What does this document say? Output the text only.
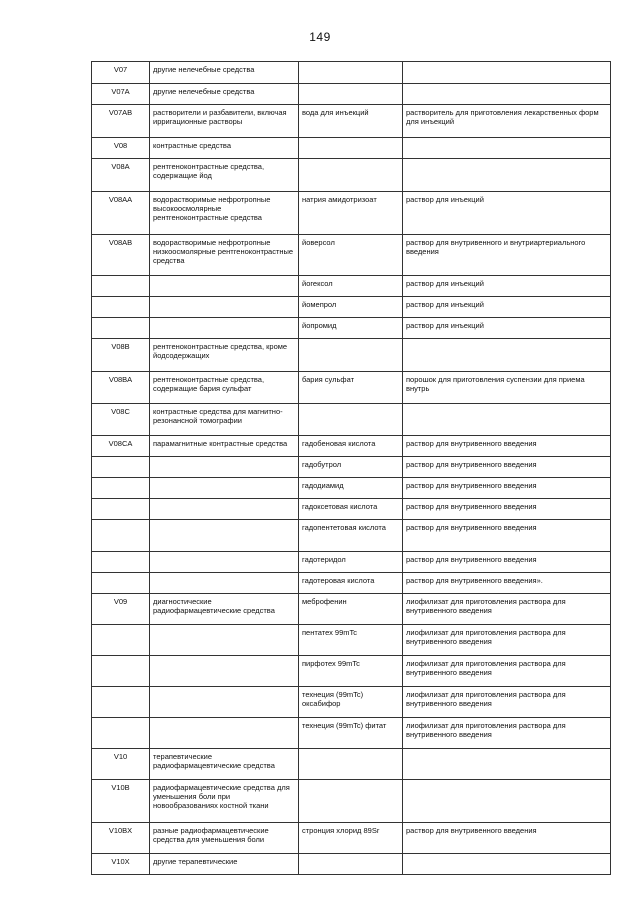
149
V07	другие нелечебные средства		
V07A	другие нелечебные средства		
V07AB	растворители и разбавители, включая ирригационные растворы	вода для инъекций	растворитель для приготовления лекарственных форм для инъекций
V08	контрастные средства		
V08A	рентгеноконтрастные средства, содержащие йод		
V08AA	водорастворимые нефротропные высокоосмолярные рентгеноконтрастные средства	натрия амидотризоат	раствор для инъекций
V08AB	водорастворимые нефротропные низкоосмолярные рентгеноконтрастные средства	йоверсол	раствор для внутривенного и внутриартериального введения
		йогексол	раствор для инъекций
		йомепрол	раствор для инъекций
		йопромид	раствор для инъекций
V08B	рентгеноконтрастные средства, кроме йодсодержащих		
V08BA	рентгеноконтрастные средства, содержащие бария сульфат	бария сульфат	порошок для приготовления суспензии для приема внутрь
V08C	контрастные средства для магнитно-резонансной томографии		
V08CA	парамагнитные контрастные средства	гадобеновая кислота	раствор для внутривенного введения
		гадобутрол	раствор для внутривенного введения
		гадодиамид	раствор для внутривенного введения
		гадоксетовая кислота	раствор для внутривенного введения
		гадопентетовая кислота	раствор для внутривенного введения
		гадотеридол	раствор для внутривенного введения
		гадотеровая кислота	раствор для внутривенного введения».
V09	диагностические радиофармацевтические средства	меброфенин	лиофилизат для приготовления раствора для внутривенного введения
		пентатех 99mTc	лиофилизат для приготовления раствора для внутривенного введения
		пирфотех 99mTc	лиофилизат для приготовления раствора для внутривенного введения
		технеция (99mTc) оксабифор	лиофилизат для приготовления раствора для внутривенного введения
		технеция (99mTc) фитат	лиофилизат для приготовления раствора для внутривенного введения
V10	терапевтические радиофармацевтические средства		
V10B	радиофармацевтические средства для уменьшения боли при новообразованиях костной ткани		
V10BX	разные радиофармацевтические средства для уменьшения боли	стронция хлорид 89Sr	раствор для внутривенного введения
V10X	другие терапевтические		
